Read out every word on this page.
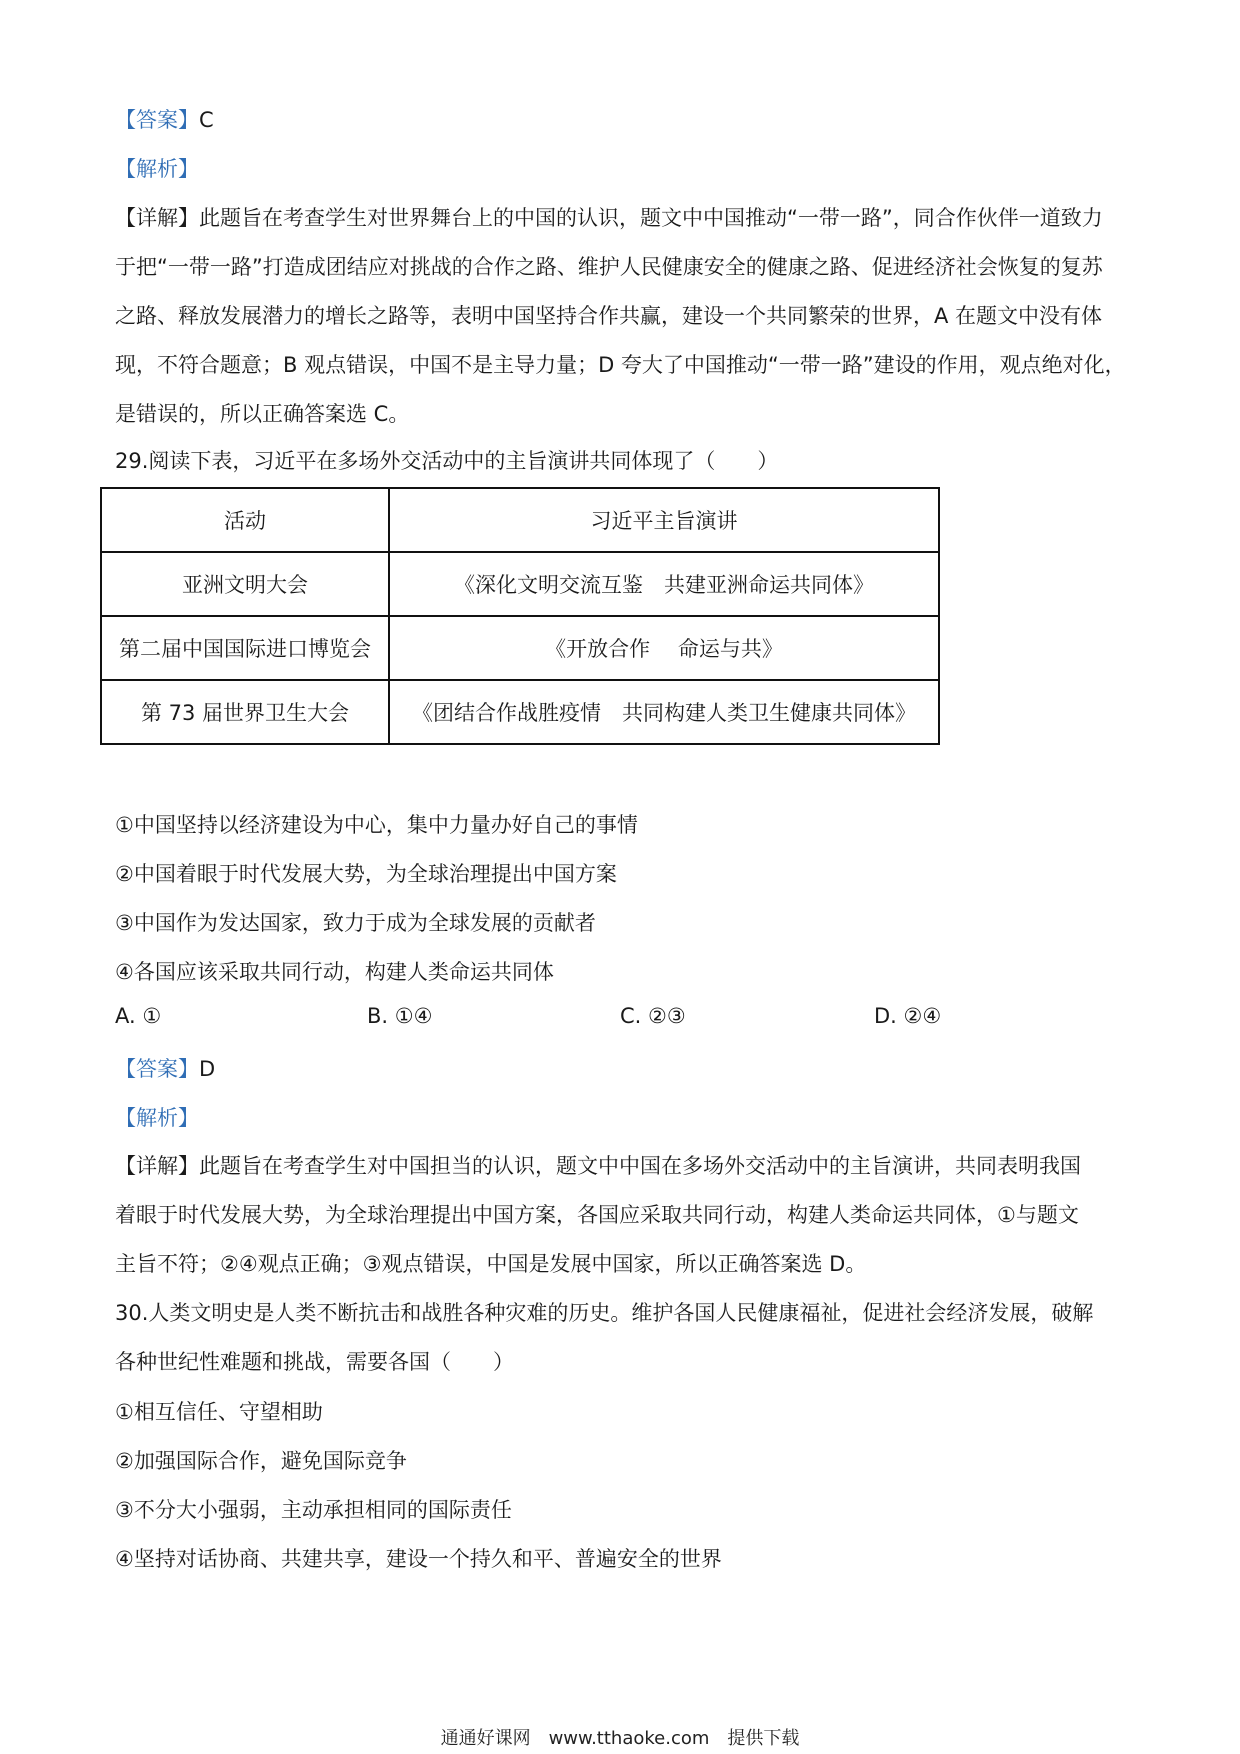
【答案】C
【解析】
【详解】此题旨在考查学生对世界舞台上的中国的认识，题文中中国推动“一带一路”，同合作伙伴一道致力
于把“一带一路”打造成团结应对挑战的合作之路、维护人民健康安全的健康之路、促进经济社会恢复的复苏
之路、释放发展潜力的增长之路等，表明中国坚持合作共赢，建设一个共同繁荣的世界，A 在题文中没有体
现，不符合题意；B 观点错误，中国不是主导力量；D 夸大了中国推动“一带一路”建设的作用，观点绝对化，
是错误的，所以正确答案选 C。
29.阅读下表，习近平在多场外交活动中的主旨演讲共同体现了（　　）
活动	习近平主旨演讲
亚洲文明大会	《深化文明交流互鉴　共建亚洲命运共同体》
第二届中国国际进口博览会	《开放合作　 命运与共》
第 73 届世界卫生大会	《团结合作战胜疫情　共同构建人类卫生健康共同体》
①中国坚持以经济建设为中心，集中力量办好自己的事情
②中国着眼于时代发展大势，为全球治理提出中国方案
③中国作为发达国家，致力于成为全球发展的贡献者
④各国应该采取共同行动，构建人类命运共同体
A. ①	B. ①④	C. ②③	D. ②④
【答案】D
【解析】
【详解】此题旨在考查学生对中国担当的认识，题文中中国在多场外交活动中的主旨演讲，共同表明我国
着眼于时代发展大势，为全球治理提出中国方案，各国应采取共同行动，构建人类命运共同体，①与题文
主旨不符；②④观点正确；③观点错误，中国是发展中国家，所以正确答案选 D。
30.人类文明史是人类不断抗击和战胜各种灾难的历史。维护各国人民健康福祉，促进社会经济发展，破解
各种世纪性难题和挑战，需要各国（　　）
①相互信任、守望相助
②加强国际合作，避免国际竞争
③不分大小强弱，主动承担相同的国际责任
④坚持对话协商、共建共享，建设一个持久和平、普遍安全的世界
通通好课网　www.tthaoke.com　提供下载
